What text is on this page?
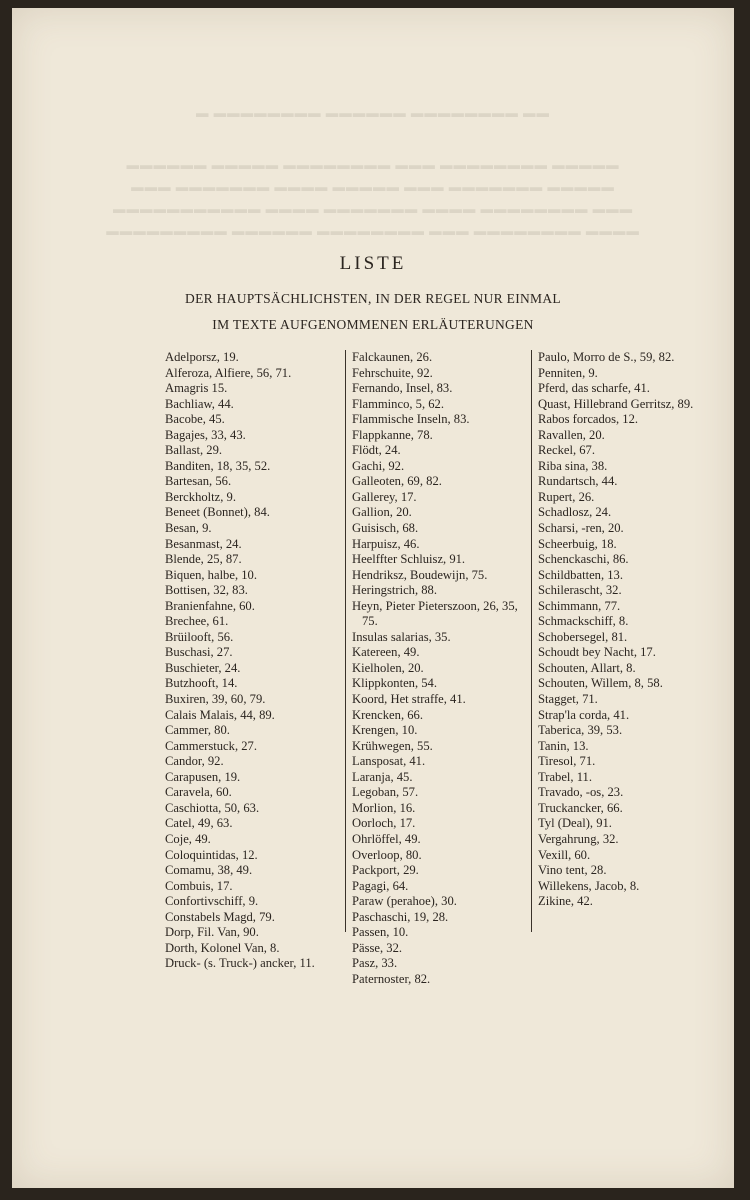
▬ ▬▬▬▬▬▬▬▬ ▬▬▬▬▬▬ ▬▬▬▬▬▬▬▬ ▬▬
▬▬▬▬▬▬ ▬▬▬▬▬ ▬▬▬▬▬▬▬▬ ▬▬▬ ▬▬▬▬▬▬▬▬ ▬▬▬▬▬
▬▬▬ ▬▬▬▬▬▬▬ ▬▬▬▬ ▬▬▬▬▬ ▬▬▬ ▬▬▬▬▬▬▬ ▬▬▬▬▬
▬▬▬▬▬▬▬▬▬▬▬ ▬▬▬▬ ▬▬▬▬▬▬▬ ▬▬▬▬ ▬▬▬▬▬▬▬▬ ▬▬▬
▬▬▬▬▬▬▬▬▬ ▬▬▬▬▬▬ ▬▬▬▬▬▬▬▬ ▬▬▬ ▬▬▬▬▬▬▬▬ ▬▬▬▬
LISTE

DER HAUPTSÄCHLICHSTEN, IN DER REGEL NUR EINMAL

IM TEXTE AUFGENOMMENEN ERLÄUTERUNGEN

Adelporsz, 19.
Alferoza, Alfiere, 56, 71.
Amagris 15.
Bachliaw, 44.
Bacobe, 45.
Bagajes, 33, 43.
Ballast, 29.
Banditen, 18, 35, 52.
Bartesan, 56.
Berckholtz, 9.
Beneet (Bonnet), 84.
Besan, 9.
Besanmast, 24.
Blende, 25, 87.
Biquen, halbe, 10.
Bottisen, 32, 83.
Branienfahne, 60.
Brechee, 61.
Brüilooft, 56.
Buschasi, 27.
Buschieter, 24.
Butzhooft, 14.
Buxiren, 39, 60, 79.
Calais Malais, 44, 89.
Cammer, 80.
Cammerstuck, 27.
Candor, 92.
Carapusen, 19.
Caravela, 60.
Caschiotta, 50, 63.
Catel, 49, 63.
Coje, 49.
Coloquintidas, 12.
Comamu, 38, 49.
Combuis, 17.
Confortivschiff, 9.
Constabels Magd, 79.
Dorp, Fil. Van, 90.
Dorth, Kolonel Van, 8.
Druck- (s. Truck-) ancker, 11.
Falckaunen, 26.
Fehrschuite, 92.
Fernando, Insel, 83.
Flamminco, 5, 62.
Flammische Inseln, 83.
Flappkanne, 78.
Flödt, 24.
Gachi, 92.
Galleoten, 69, 82.
Gallerey, 17.
Gallion, 20.
Guisisch, 68.
Harpuisz, 46.
Heelffter Schluisz, 91.
Hendriksz, Boudewijn, 75.
Heringstrich, 88.
Heyn, Pieter Pieterszoon, 26, 35, 75.
Insulas salarias, 35.
Katereen, 49.
Kielholen, 20.
Klippkonten, 54.
Koord, Het straffe, 41.
Krencken, 66.
Krengen, 10.
Krühwegen, 55.
Lansposat, 41.
Laranja, 45.
Legoban, 57.
Morlion, 16.
Oorloch, 17.
Ohrlöffel, 49.
Overloop, 80.
Packport, 29.
Pagagi, 64.
Paraw (perahoe), 30.
Paschaschi, 19, 28.
Passen, 10.
Pässe, 32.
Pasz, 33.
Paternoster, 82.
Paulo, Morro de S., 59, 82.
Penniten, 9.
Pferd, das scharfe, 41.
Quast, Hillebrand Gerritsz, 89.
Rabos forcados, 12.
Ravallen, 20.
Reckel, 67.
Riba sina, 38.
Rundartsch, 44.
Rupert, 26.
Schadlosz, 24.
Scharsi, -ren, 20.
Scheerbuig, 18.
Schenckaschi, 86.
Schildbatten, 13.
Schilerascht, 32.
Schimmann, 77.
Schmackschiff, 8.
Schobersegel, 81.
Schoudt bey Nacht, 17.
Schouten, Allart, 8.
Schouten, Willem, 8, 58.
Stagget, 71.
Strap'la corda, 41.
Taberica, 39, 53.
Tanin, 13.
Tiresol, 71.
Trabel, 11.
Travado, -os, 23.
Truckancker, 66.
Tyl (Deal), 91.
Vergahrung, 32.
Vexill, 60.
Vino tent, 28.
Willekens, Jacob, 8.
Zikine, 42.
